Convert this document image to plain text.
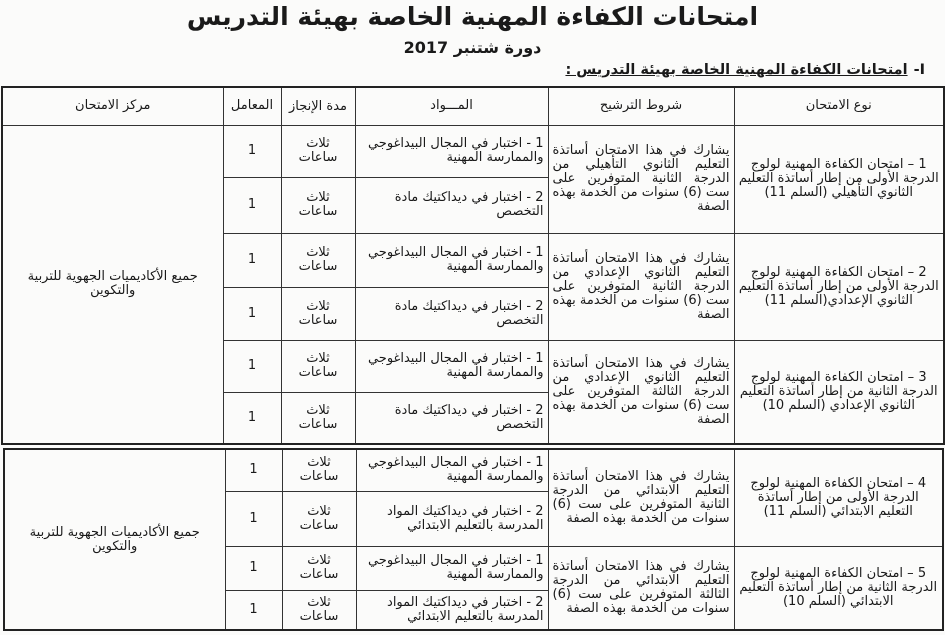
امتحانات الكفاءة المهنية الخاصة بهيئة التدريس
دورة شتنبر 2017
I-امتحانات الكفاءة المهنية الخاصة بهيئة التدريس :
نوع الامتحان	شروط الترشيح	المـــواد	مدة الإنجاز	المعامل	مركز الامتحان
1 – امتحان الكفاءة المهنية لولوج الدرجة الأولى من إطار أساتذة التعليم الثانوي التأهيلي (السلم 11)	يشارك في هذا الامتحان أساتذة التعليم الثانوي التأهيلي من الدرجة الثانية المتوفرين على ست (6) سنوات من الخدمة بهذه الصفة	1 - اختبار في المجال البيداغوجي والممارسة المهنية	ثلاث ساعات	1	جميع الأكاديميات الجهوية للتربية والتكوين
		2 - اختبار في ديداكتيك مادة التخصص	ثلاث ساعات	1	
2 – امتحان الكفاءة المهنية لولوج الدرجة الأولى من إطار أساتذة التعليم الثانوي الإعدادي(السلم 11)	يشارك في هذا الامتحان أساتذة التعليم الثانوي الإعدادي من الدرجة الثانية المتوفرين على ست (6) سنوات من الخدمة بهذه الصفة	1 - اختبار في المجال البيداغوجي والممارسة المهنية	ثلاث ساعات	1	
		2 - اختبار في ديداكتيك مادة التخصص	ثلاث ساعات	1	
3 – امتحان الكفاءة المهنية لولوج الدرجة الثانية من إطار أساتذة التعليم الثانوي الإعدادي (السلم 10)	يشارك في هذا الامتحان أساتذة التعليم الثانوي الإعدادي من الدرجة الثالثة المتوفرين على ست (6) سنوات من الخدمة بهذه الصفة	1 - اختبار في المجال البيداغوجي والممارسة المهنية	ثلاث ساعات	1	
		2 - اختبار في ديداكتيك مادة التخصص	ثلاث ساعات	1	
4 – امتحان الكفاءة المهنية لولوج الدرجة الأولى من إطار أساتذة التعليم الابتدائي (السلم 11)	يشارك في هذا الامتحان أساتذة التعليم الابتدائي من الدرجة الثانية المتوفرين على ست (6) سنوات من الخدمة بهذه الصفة	1 - اختبار في المجال البيداغوجي والممارسة المهنية	ثلاث ساعات	1	جميع الأكاديميات الجهوية للتربية والتكوين
		2 - اختبار في ديداكتيك المواد المدرسة بالتعليم الابتدائي	ثلاث ساعات	1	
5 – امتحان الكفاءة المهنية لولوج الدرجة الثانية من إطار أساتذة التعليم الابتدائي (السلم 10)	يشارك في هذا الامتحان أساتذة التعليم الابتدائي من الدرجة الثالثة المتوفرين على ست (6) سنوات من الخدمة بهذه الصفة	1 - اختبار في المجال البيداغوجي والممارسة المهنية	ثلاث ساعات	1	
		2 - اختبار في ديداكتيك المواد المدرسة بالتعليم الابتدائي	ثلاث ساعات	1	
